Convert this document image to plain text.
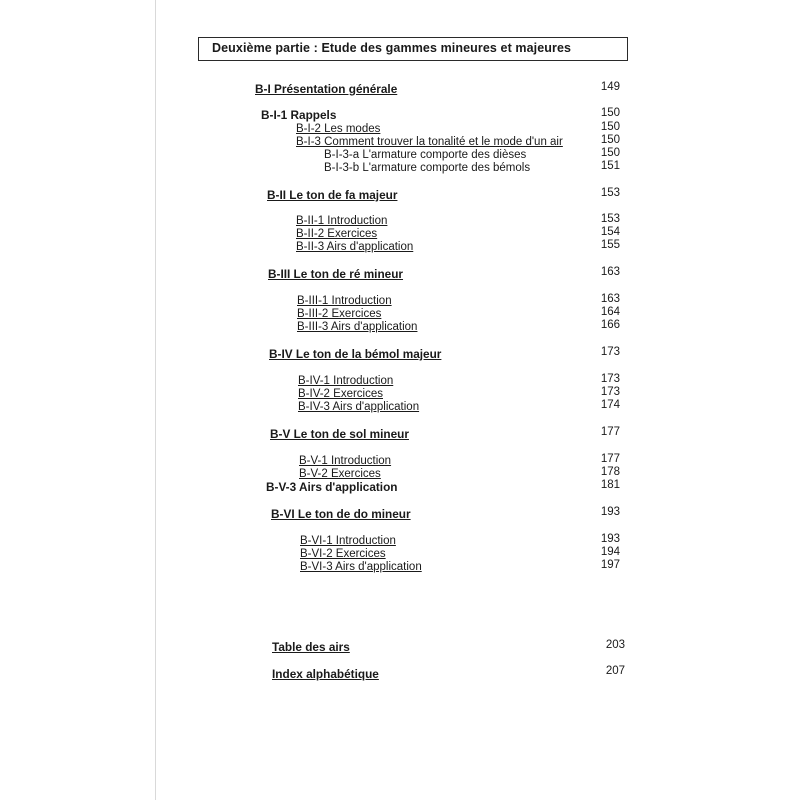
Deuxième partie : Etude des gammes mineures et majeures
B-I Présentation générale	149
B-I-1 Rappels	150
B-I-2 Les modes	150
B-I-3 Comment trouver la tonalité et le mode d'un air	150
B-I-3-a L'armature comporte des dièses	150
B-I-3-b L'armature comporte des bémols	151
B-II Le ton de fa majeur	153
B-II-1 Introduction	153
B-II-2 Exercices	154
B-II-3 Airs d'application	155
B-III Le ton de ré mineur	163
B-III-1 Introduction	163
B-III-2 Exercices	164
B-III-3 Airs d'application	166
B-IV Le ton de la bémol majeur	173
B-IV-1 Introduction	173
B-IV-2 Exercices	173
B-IV-3 Airs d'application	174
B-V Le ton de sol mineur	177
B-V-1 Introduction	177
B-V-2 Exercices	178
B-V-3 Airs d'application	181
B-VI Le ton de do mineur	193
B-VI-1 Introduction	193
B-VI-2 Exercices	194
B-VI-3 Airs d'application	197
Table des airs	203
Index alphabétique	207
